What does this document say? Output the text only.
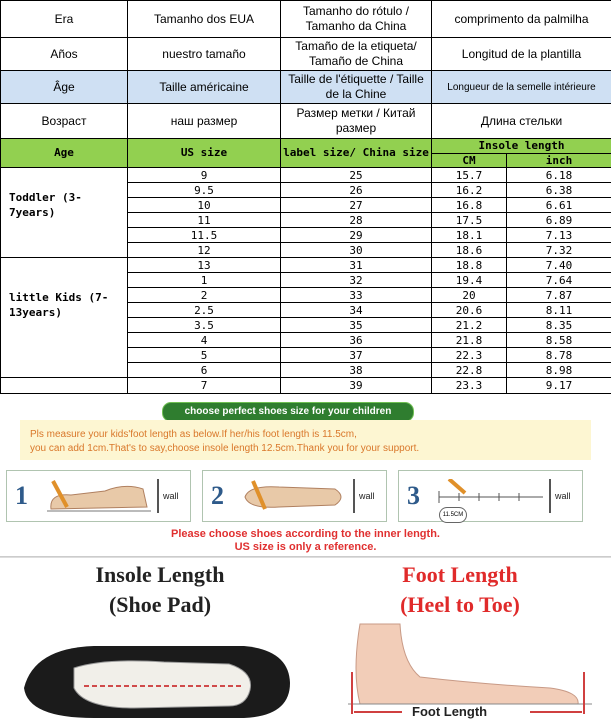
Era	Tamanho dos EUA	Tamanho do rótulo / Tamanho da China	comprimento da palmilha	
Años	nuestro tamaño	Tamaño de la etiqueta/ Tamaño de China	Longitud de la plantilla	
Âge	Taille américaine	Taille de l'étiquette / Taille de la Chine	Longueur de la semelle intérieure	
Возраст	наш размер	Размер метки / Китай размер	Длина стельки	
Age	US size	label size/ China size	Insole length	
			CM	inch
Toddler (3-7years)	9	25	15.7	6.18
	9.5	26	16.2	6.38
	10	27	16.8	6.61
	11	28	17.5	6.89
	11.5	29	18.1	7.13
	12	30	18.6	7.32
little Kids (7-13years)	13	31	18.8	7.40
	1	32	19.4	7.64
	2	33	20	7.87
	2.5	34	20.6	8.11
	3.5	35	21.2	8.35
	4	36	21.8	8.58
	5	37	22.3	8.78
	6	38	22.8	8.98
	7	39	23.3	9.17
choose perfect shoes size for your children
Pls measure your kids'foot length as below.If her/his foot length is 11.5cm,
you can add 1cm.That's to say,choose insole length 12.5cm.Thank you for your support.
1	wall	2	wall	3
11.5CM
wall
Please choose shoes according to the inner length.
US size is only a reference.
Insole Length
(Shoe Pad)
Foot Length
(Heel to Toe)
Foot Length
